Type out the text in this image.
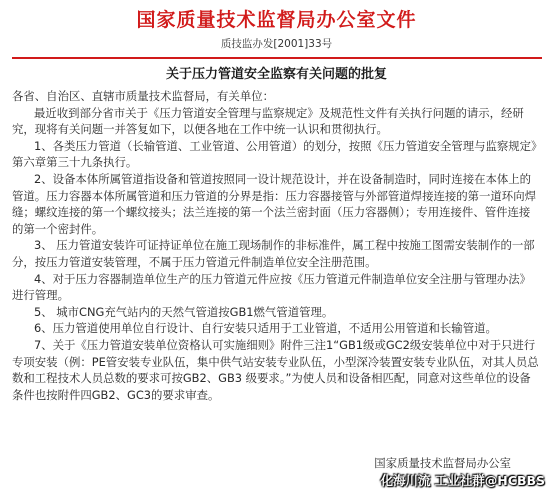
国家质量技术监督局办公室文件
质技监办发[2001]33号
关于压力管道安全监察有关问题的批复

各省、自治区、直辖市质量技术监督局，有关单位：

最近收到部分省市关于《压力管道安全管理与监察规定》及规范性文件有关执行问题的请示，经研究，现将有关问题一并答复如下，以便各地在工作中统一认识和贯彻执行。

1、各类压力管道（长输管道、工业管道、公用管道）的划分，按照《压力管道安全管理与监察规定》第六章第三十九条执行。

2、设备本体所属管道指设备和管道按照同一设计规范设计，并在设备制造时，同时连接在本体上的管道。压力容器本体所属管道和压力管道的分界是指：压力容器接管与外部管道焊接连接的第一道环向焊缝；螺纹连接的第一个螺纹接头；法兰连接的第一个法兰密封面（压力容器侧）；专用连接件、管件连接的第一个密封件。

3、 压力管道安装许可证持证单位在施工现场制作的非标准件，属工程中按施工图需安装制作的一部分，按压力管道安装管理，不属于压力管道元件制造单位安全注册范围。

4、对于压力容器制造单位生产的压力管道元件应按《压力管道元件制造单位安全注册与管理办法》进行管理。

5、 城市CNG充气站内的天然气管道按GB1燃气管道管理。

6、压力管道使用单位自行设计、自行安装只适用于工业管道，不适用公用管道和长输管道。

7、关于《压力管道安装单位资格认可实施细则》附件三注1“GB1级或GC2级安装单位中对于只进行专项安装（例：PE管安装专业队伍，集中供气站安装专业队伍，小型深冷装置安装专业队伍，对其人员总数和工程技术人员总数的要求可按GB2、GB3 级要求。”为使人员和设备相匹配，同意对这些单位的设备条件也按附件四GB2、GC3的要求审查。

国家质量技术监督局办公室
化海川流 工业社群@HCBBS
